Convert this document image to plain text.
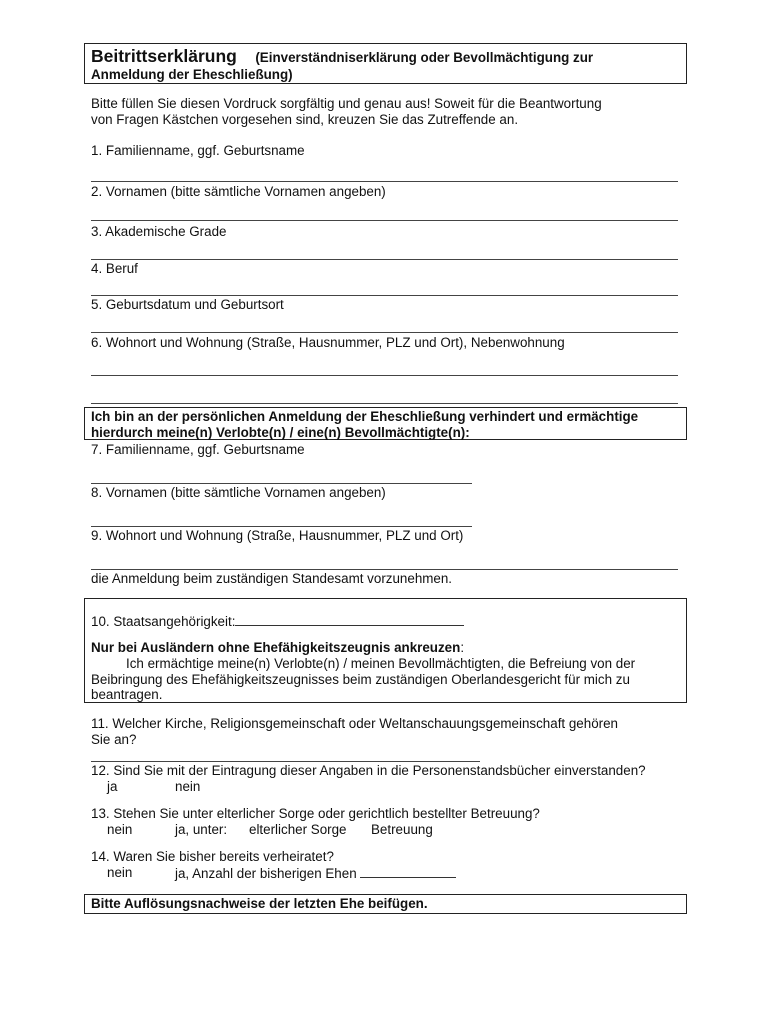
Beitrittserklärung (Einverständniserklärung oder Bevollmächtigung zur
Anmeldung der Eheschließung)
Bitte füllen Sie diesen Vordruck sorgfältig und genau aus! Soweit für die Beantwortung
von Fragen Kästchen vorgesehen sind, kreuzen Sie das Zutreffende an.
1. Familienname, ggf. Geburtsname
2. Vornamen (bitte sämtliche Vornamen angeben)
3. Akademische Grade
4. Beruf
5. Geburtsdatum und Geburtsort
6. Wohnort und Wohnung (Straße, Hausnummer, PLZ und Ort), Nebenwohnung
Ich bin an der persönlichen Anmeldung der Eheschließung verhindert und ermächtige
hierdurch meine(n) Verlobte(n) / eine(n) Bevollmächtigte(n):
7. Familienname, ggf. Geburtsname
8. Vornamen (bitte sämtliche Vornamen angeben)
9. Wohnort und Wohnung (Straße, Hausnummer, PLZ und Ort)
die Anmeldung beim zuständigen Standesamt vorzunehmen.
10. Staatsangehörigkeit:
Nur bei Ausländern ohne Ehefähigkeitszeugnis ankreuzen:
Ich ermächtige meine(n) Verlobte(n) / meinen Bevollmächtigten, die Befreiung von der
Beibringung des Ehefähigkeitszeugnisses beim zuständigen Oberlandesgericht für mich zu
beantragen.
11. Welcher Kirche, Religionsgemeinschaft oder Weltanschauungsgemeinschaft gehören
Sie an?
12. Sind Sie mit der Eintragung dieser Angaben in die Personenstandsbücher einverstanden?
ja	nein
13. Stehen Sie unter elterlicher Sorge oder gerichtlich bestellter Betreuung?
nein	ja, unter: elterlicher Sorge Betreuung
14. Waren Sie bisher bereits verheiratet?
nein	ja, Anzahl der bisherigen Ehen
Bitte Auflösungsnachweise der letzten Ehe beifügen.
